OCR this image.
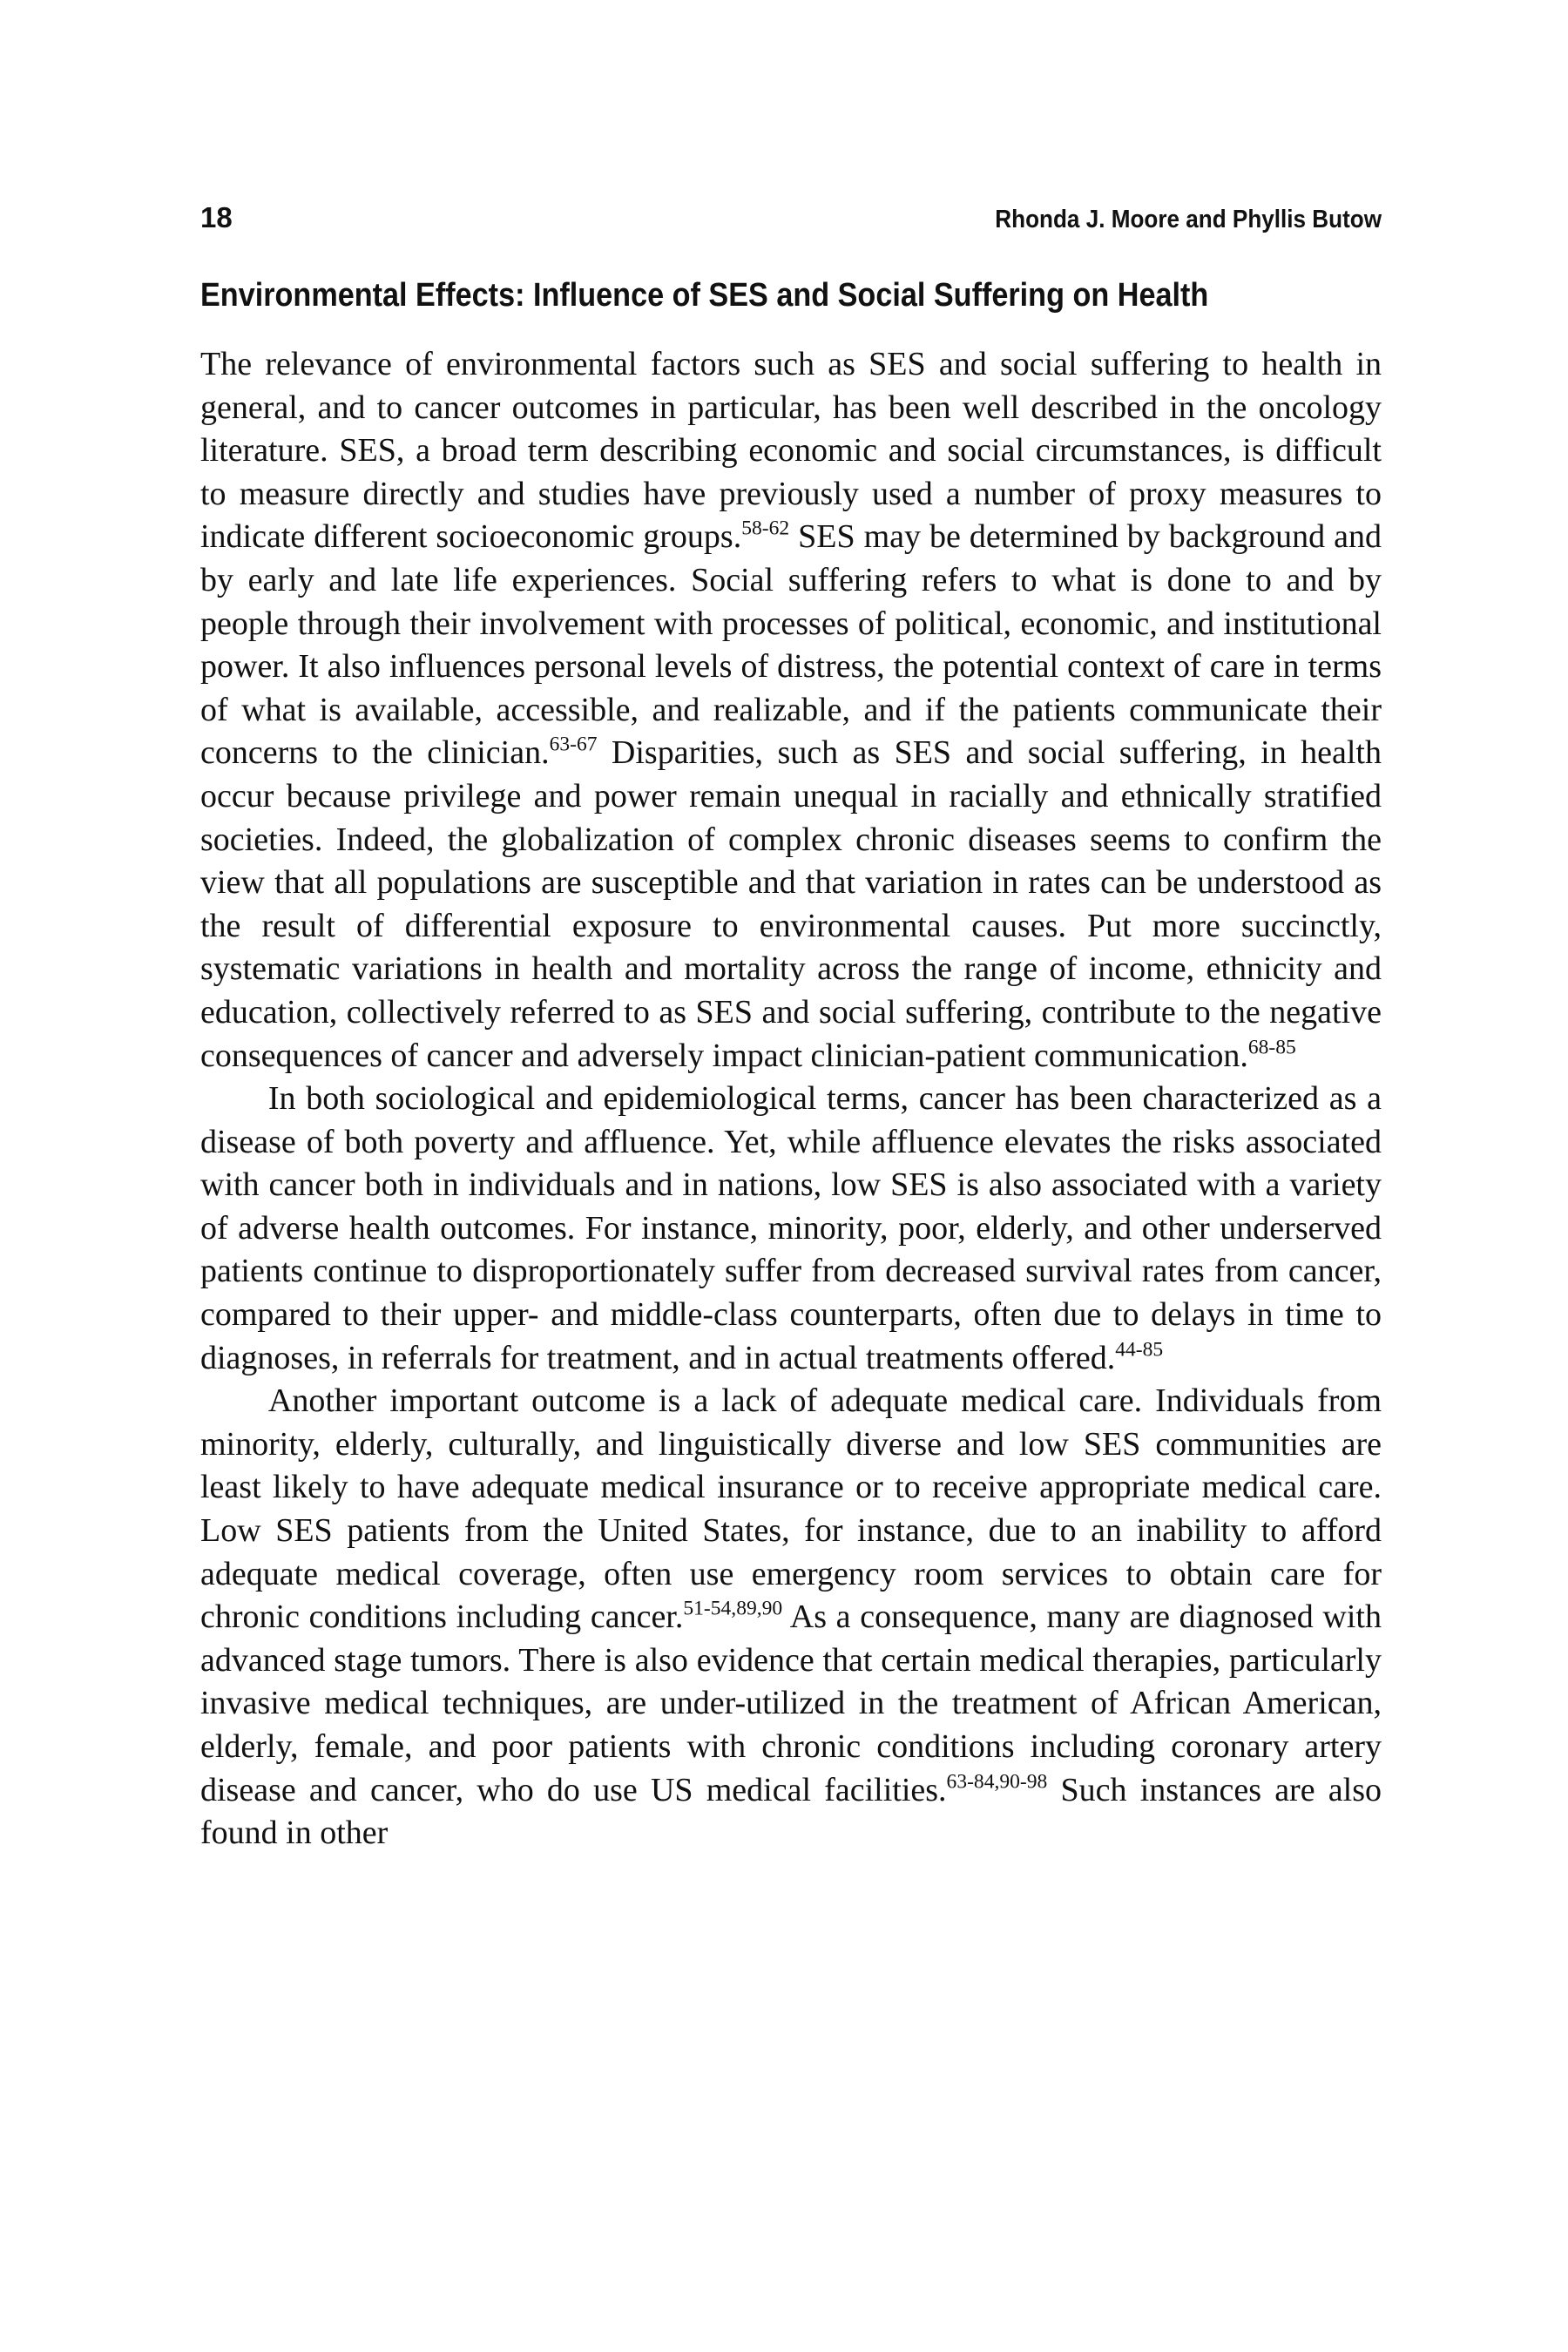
18	Rhonda J. Moore and Phyllis Butow
Environmental Effects: Influence of SES and Social Suffering on Health

The relevance of environmental factors such as SES and social suffering to health in general, and to cancer outcomes in particular, has been well described in the oncology literature. SES, a broad term describing economic and social circumstances, is difficult to measure directly and studies have previously used a number of proxy measures to indicate different socioeconomic groups.$^{58-62}$ SES may be determined by background and by early and late life experiences. Social suffering refers to what is done to and by people through their involvement with processes of political, economic, and institutional power. It also influences personal levels of distress, the potential context of care in terms of what is available, accessible, and realizable, and if the patients communicate their concerns to the clinician.$^{63-67}$ Disparities, such as SES and social suffering, in health occur because privilege and power remain unequal in racially and ethnically stratified societies. Indeed, the globalization of complex chronic diseases seems to confirm the view that all populations are susceptible and that variation in rates can be understood as the result of differential exposure to environmental causes. Put more succinctly, systematic variations in health and mortality across the range of income, ethnicity and education, collectively referred to as SES and social suffering, contribute to the negative consequences of cancer and adversely impact clinician-patient communication.$^{68-85}$

In both sociological and epidemiological terms, cancer has been characterized as a disease of both poverty and affluence. Yet, while affluence elevates the risks associated with cancer both in individuals and in nations, low SES is also associated with a variety of adverse health outcomes. For instance, minority, poor, elderly, and other underserved patients continue to disproportionately suffer from decreased survival rates from cancer, compared to their upper- and middle-class counterparts, often due to delays in time to diagnoses, in referrals for treatment, and in actual treatments offered.$^{44-85}$

Another important outcome is a lack of adequate medical care. Individuals from minority, elderly, culturally, and linguistically diverse and low SES communities are least likely to have adequate medical insurance or to receive appropriate medical care. Low SES patients from the United States, for instance, due to an inability to afford adequate medical coverage, often use emergency room services to obtain care for chronic conditions including cancer.$^{51-54,89,90}$ As a consequence, many are diagnosed with advanced stage tumors. There is also evidence that certain medical therapies, particularly invasive medical techniques, are under-utilized in the treatment of African American, elderly, female, and poor patients with chronic conditions including coronary artery disease and cancer, who do use US medical facilities.$^{63-84,90-98}$ Such instances are also found in other
